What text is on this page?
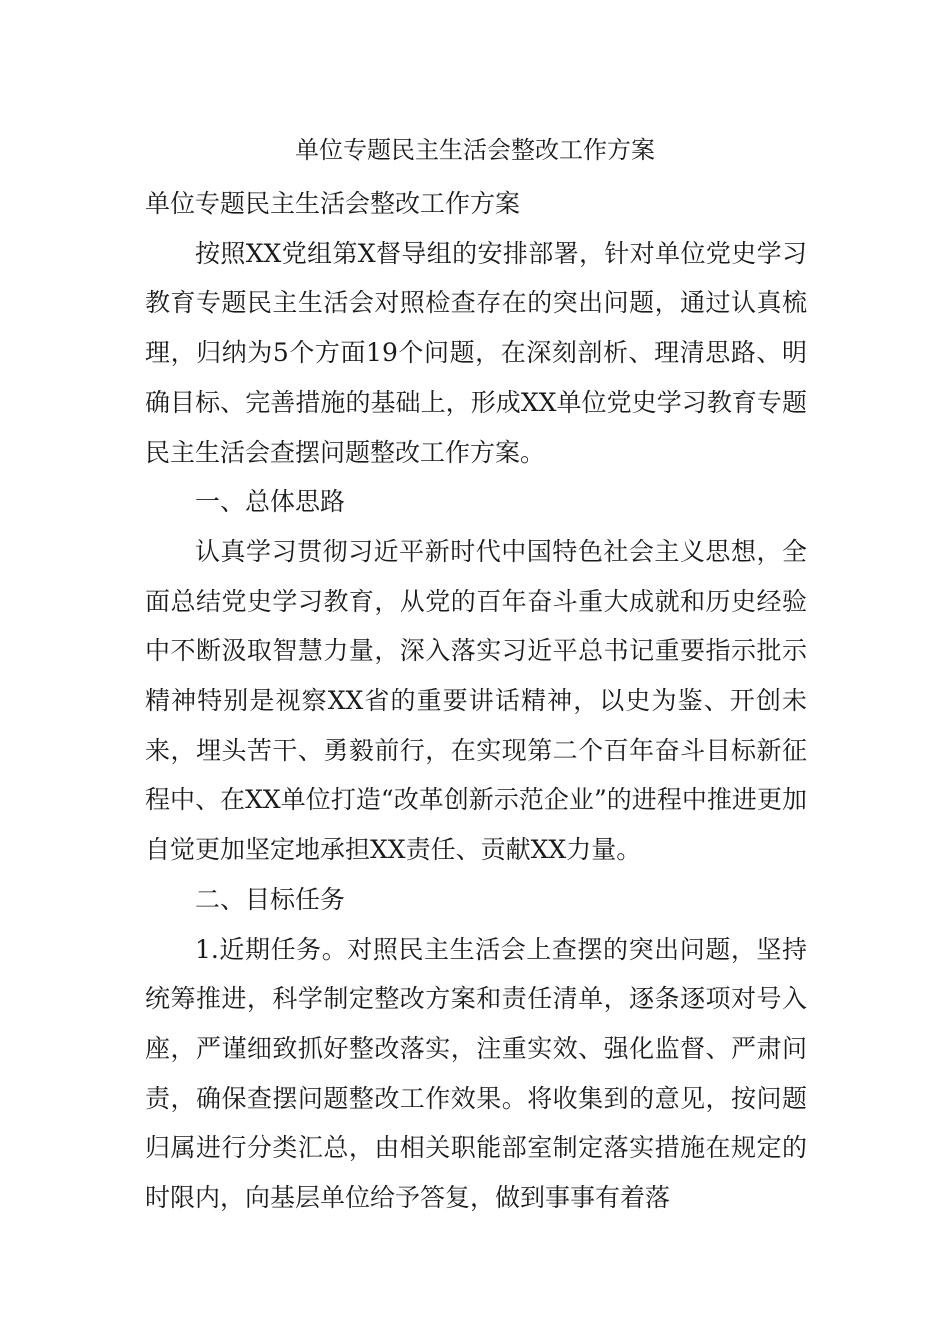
单位专题民主生活会整改工作方案

单位专题民主生活会整改工作方案

按照XX党组第X督导组的安排部署，针对单位党史学习教育专题民主生活会对照检查存在的突出问题，通过认真梳理，归纳为5个方面19个问题，在深刻剖析、理清思路、明确目标、完善措施的基础上，形成XX单位党史学习教育专题民主生活会查摆问题整改工作方案。

一、总体思路

认真学习贯彻习近平新时代中国特色社会主义思想，全面总结党史学习教育，从党的百年奋斗重大成就和历史经验中不断汲取智慧力量，深入落实习近平总书记重要指示批示精神特别是视察XX省的重要讲话精神，以史为鉴、开创未来，埋头苦干、勇毅前行，在实现第二个百年奋斗目标新征程中、在XX单位打造“改革创新示范企业”的进程中推进更加自觉更加坚定地承担XX责任、贡献XX力量。

二、目标任务

1.近期任务。对照民主生活会上查摆的突出问题，坚持统筹推进，科学制定整改方案和责任清单，逐条逐项对号入座，严谨细致抓好整改落实，注重实效、强化监督、严肃问责，确保查摆问题整改工作效果。将收集到的意见，按问题归属进行分类汇总，由相关职能部室制定落实措施在规定的时限内，向基层单位给予答复，做到事事有着落
